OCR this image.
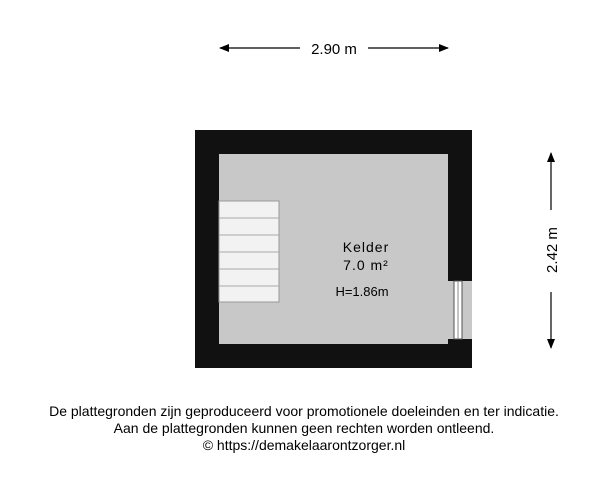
2.90 m
2.42 m
Kelder
7.0 m²
H=1.86m
De plattegronden zijn geproduceerd voor promotionele doeleinden en ter indicatie.
Aan de plattegronden kunnen geen rechten worden ontleend.
© https://demakelaarontzorger.nl
